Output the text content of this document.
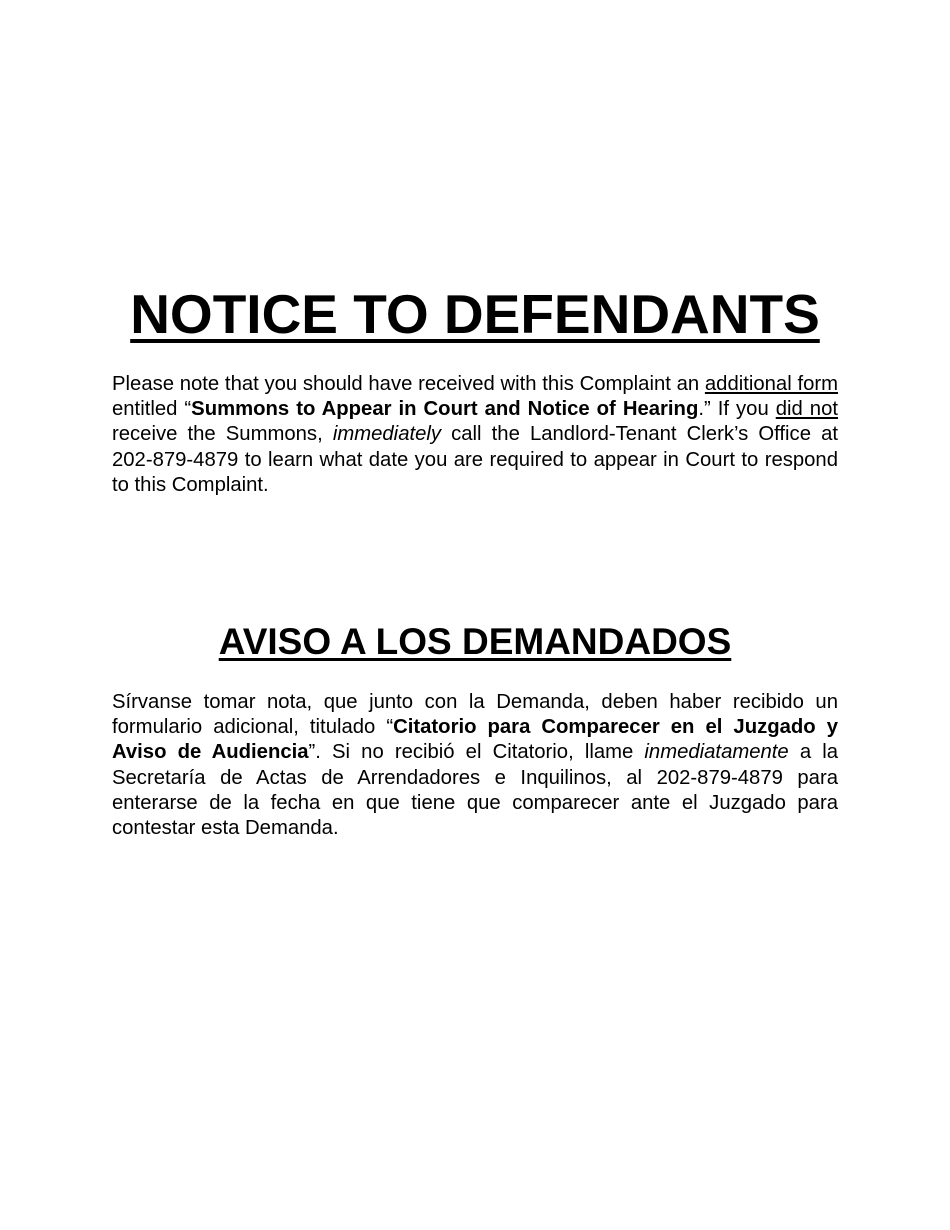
NOTICE TO DEFENDANTS

Please note that you should have received with this Complaint an additional form entitled “Summons to Appear in Court and Notice of Hearing.” If you did not receive the Summons, immediately call the Landlord-Tenant Clerk’s Office at 202-879-4879 to learn what date you are required to appear in Court to respond to this Complaint.

AVISO A LOS DEMANDADOS

Sírvanse tomar nota, que junto con la Demanda, deben haber recibido un formulario adicional, titulado “Citatorio para Comparecer en el Juzgado y Aviso de Audiencia”. Si no recibió el Citatorio, llame inmediatamente a la Secretaría de Actas de Arrendadores e Inquilinos, al 202-879-4879 para enterarse de la fecha en que tiene que comparecer ante el Juzgado para contestar esta Demanda.
